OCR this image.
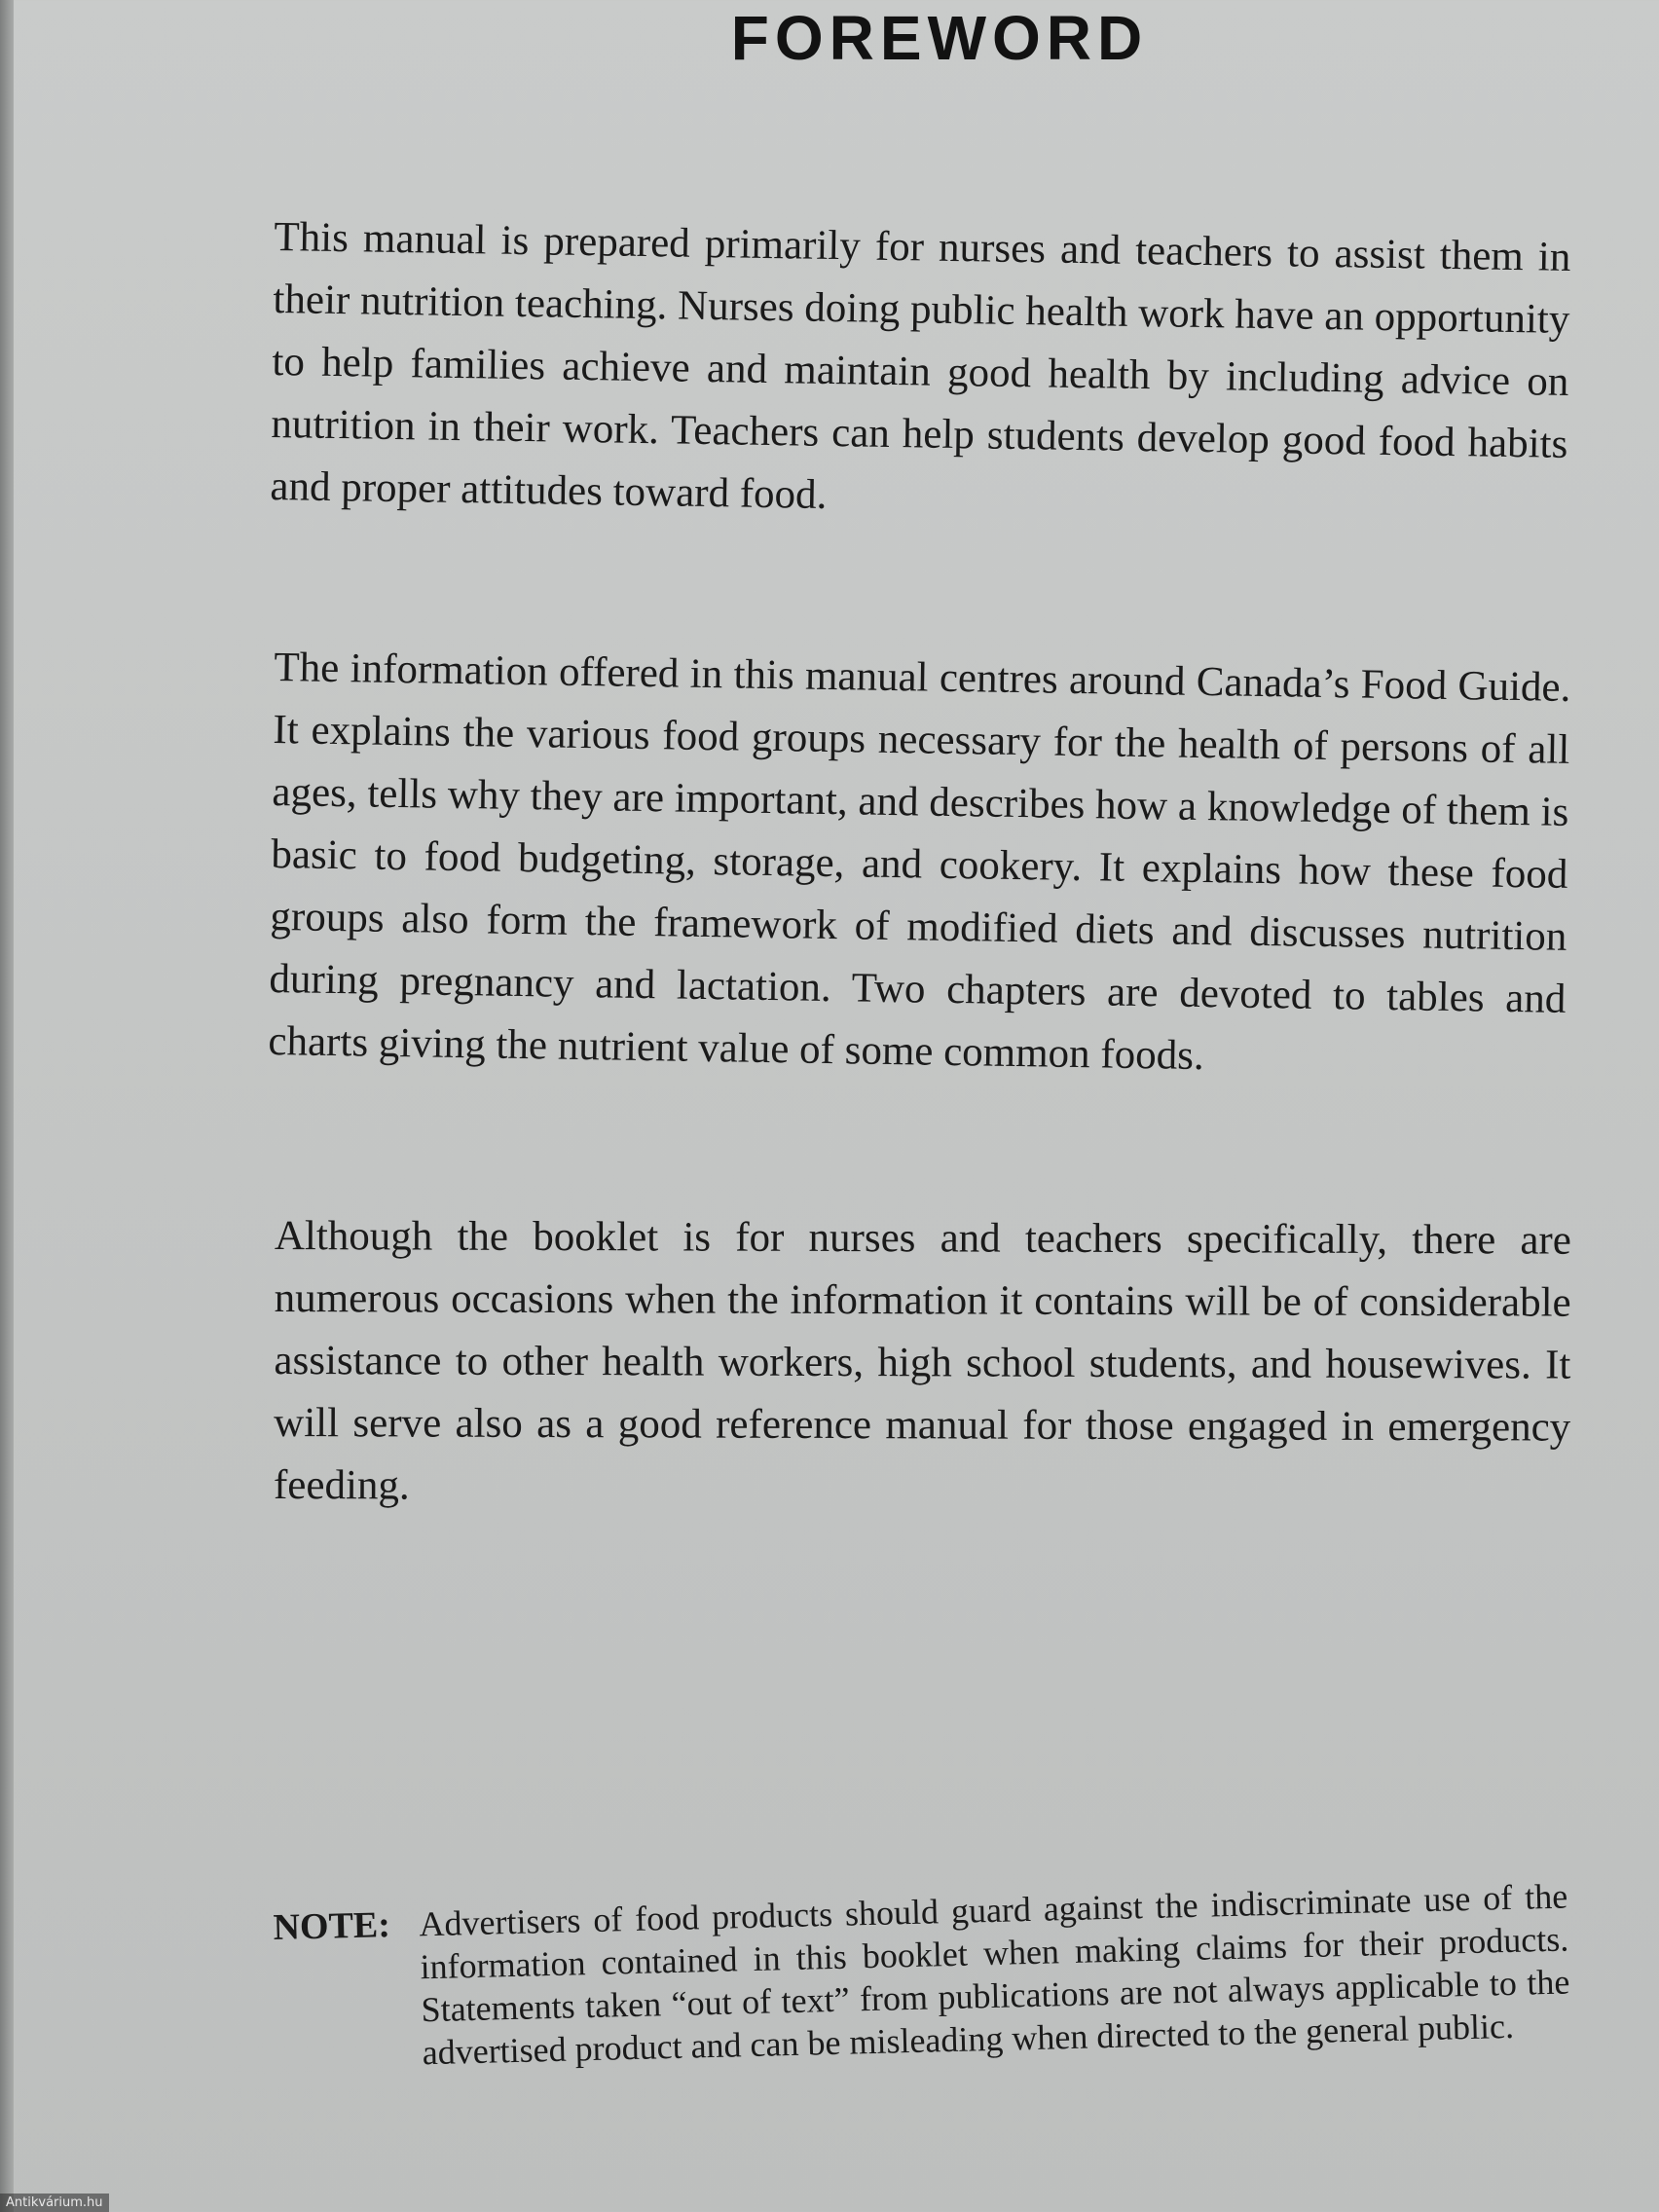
FOREWORD

This manual is prepared primarily for nurses and teachers to assist them in their nutrition teaching. Nurses doing public health work have an opportunity to help families achieve and maintain good health by including advice on nutrition in their work. Teachers can help students develop good food habits and proper attitudes toward food.

The information offered in this manual centres around Canada’s Food Guide. It explains the various food groups necessary for the health of persons of all ages, tells why they are important, and describes how a knowledge of them is basic to food budgeting, storage, and cookery. It explains how these food groups also form the framework of modified diets and discusses nutrition during pregnancy and lactation. Two chapters are devoted to tables and charts giving the nutrient value of some common foods.

Although the booklet is for nurses and teachers specifically, there are numerous occasions when the information it contains will be of considerable assistance to other health workers, high school students, and housewives. It will serve also as a good reference manual for those engaged in emergency feeding.

NOTE: Advertisers of food products should guard against the indiscriminate use of the information contained in this booklet when making claims for their products. Statements taken “out of text” from publications are not always applicable to the advertised product and can be misleading when directed to the general public.

Antikvárium.hu
